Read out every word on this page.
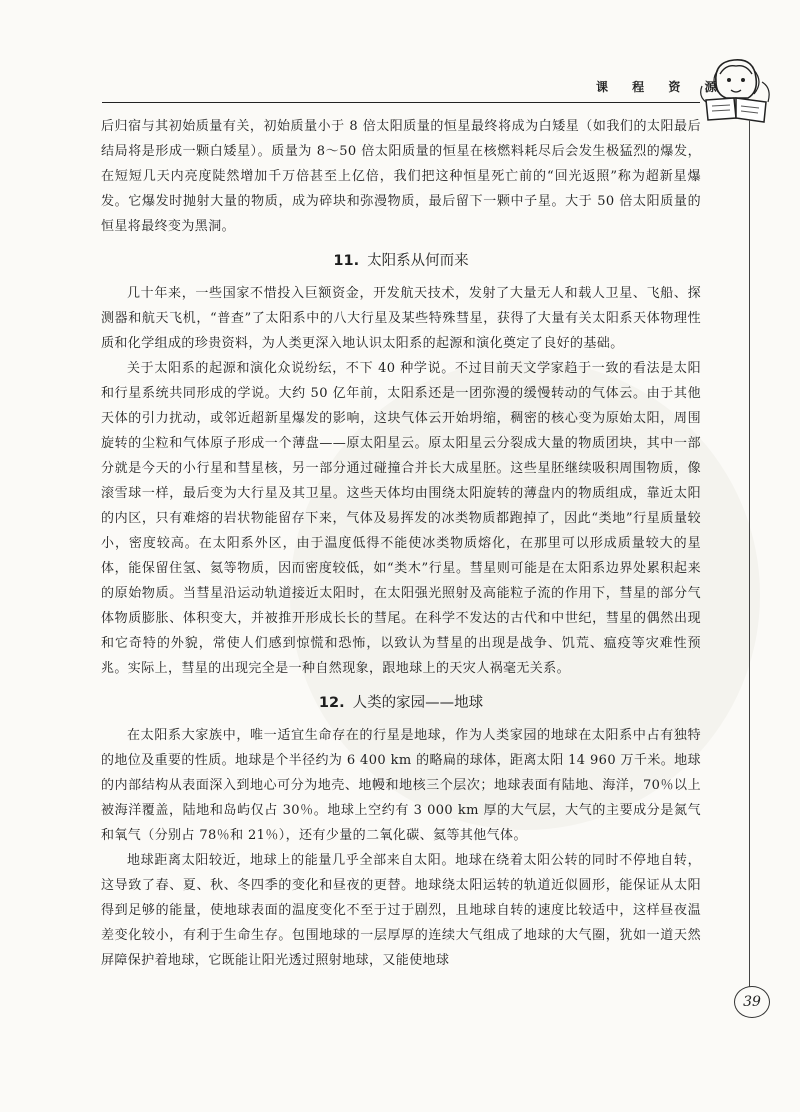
课 程 资 源

后归宿与其初始质量有关，初始质量小于 8 倍太阳质量的恒星最终将成为白矮星（如我们的太阳最后结局将是形成一颗白矮星）。质量为 8～50 倍太阳质量的恒星在核燃料耗尽后会发生极猛烈的爆发，在短短几天内亮度陡然增加千万倍甚至上亿倍，我们把这种恒星死亡前的“回光返照”称为超新星爆发。它爆发时抛射大量的物质，成为碎块和弥漫物质，最后留下一颗中子星。大于 50 倍太阳质量的恒星将最终变为黑洞。

11. 太阳系从何而来

几十年来，一些国家不惜投入巨额资金，开发航天技术，发射了大量无人和载人卫星、飞船、探测器和航天飞机，“普查”了太阳系中的八大行星及某些特殊彗星，获得了大量有关太阳系天体物理性质和化学组成的珍贵资料，为人类更深入地认识太阳系的起源和演化奠定了良好的基础。

关于太阳系的起源和演化众说纷纭，不下 40 种学说。不过目前天文学家趋于一致的看法是太阳和行星系统共同形成的学说。大约 50 亿年前，太阳系还是一团弥漫的缓慢转动的气体云。由于其他天体的引力扰动，或邻近超新星爆发的影响，这块气体云开始坍缩，稠密的核心变为原始太阳，周围旋转的尘粒和气体原子形成一个薄盘——原太阳星云。原太阳星云分裂成大量的物质团块，其中一部分就是今天的小行星和彗星核，另一部分通过碰撞合并长大成星胚。这些星胚继续吸积周围物质，像滚雪球一样，最后变为大行星及其卫星。这些天体均由围绕太阳旋转的薄盘内的物质组成，靠近太阳的内区，只有难熔的岩状物能留存下来，气体及易挥发的冰类物质都跑掉了，因此“类地”行星质量较小，密度较高。在太阳系外区，由于温度低得不能使冰类物质熔化，在那里可以形成质量较大的星体，能保留住氢、氦等物质，因而密度较低，如“类木”行星。彗星则可能是在太阳系边界处累积起来的原始物质。当彗星沿运动轨道接近太阳时，在太阳强光照射及高能粒子流的作用下，彗星的部分气体物质膨胀、体积变大，并被推开形成长长的彗尾。在科学不发达的古代和中世纪，彗星的偶然出现和它奇特的外貌，常使人们感到惊慌和恐怖，以致认为彗星的出现是战争、饥荒、瘟疫等灾难性预兆。实际上，彗星的出现完全是一种自然现象，跟地球上的天灾人祸毫无关系。

12. 人类的家园——地球

在太阳系大家族中，唯一适宜生命存在的行星是地球，作为人类家园的地球在太阳系中占有独特的地位及重要的性质。地球是个半径约为 6 400 km 的略扁的球体，距离太阳 14 960 万千米。地球的内部结构从表面深入到地心可分为地壳、地幔和地核三个层次；地球表面有陆地、海洋，70％以上被海洋覆盖，陆地和岛屿仅占 30％。地球上空约有 3 000 km 厚的大气层，大气的主要成分是氮气和氧气（分别占 78％和 21％），还有少量的二氧化碳、氦等其他气体。

地球距离太阳较近，地球上的能量几乎全部来自太阳。地球在绕着太阳公转的同时不停地自转，这导致了春、夏、秋、冬四季的变化和昼夜的更替。地球绕太阳运转的轨道近似圆形，能保证从太阳得到足够的能量，使地球表面的温度变化不至于过于剧烈，且地球自转的速度比较适中，这样昼夜温差变化较小，有利于生命生存。包围地球的一层厚厚的连续大气组成了地球的大气圈，犹如一道天然屏障保护着地球，它既能让阳光透过照射地球，又能使地球

39
